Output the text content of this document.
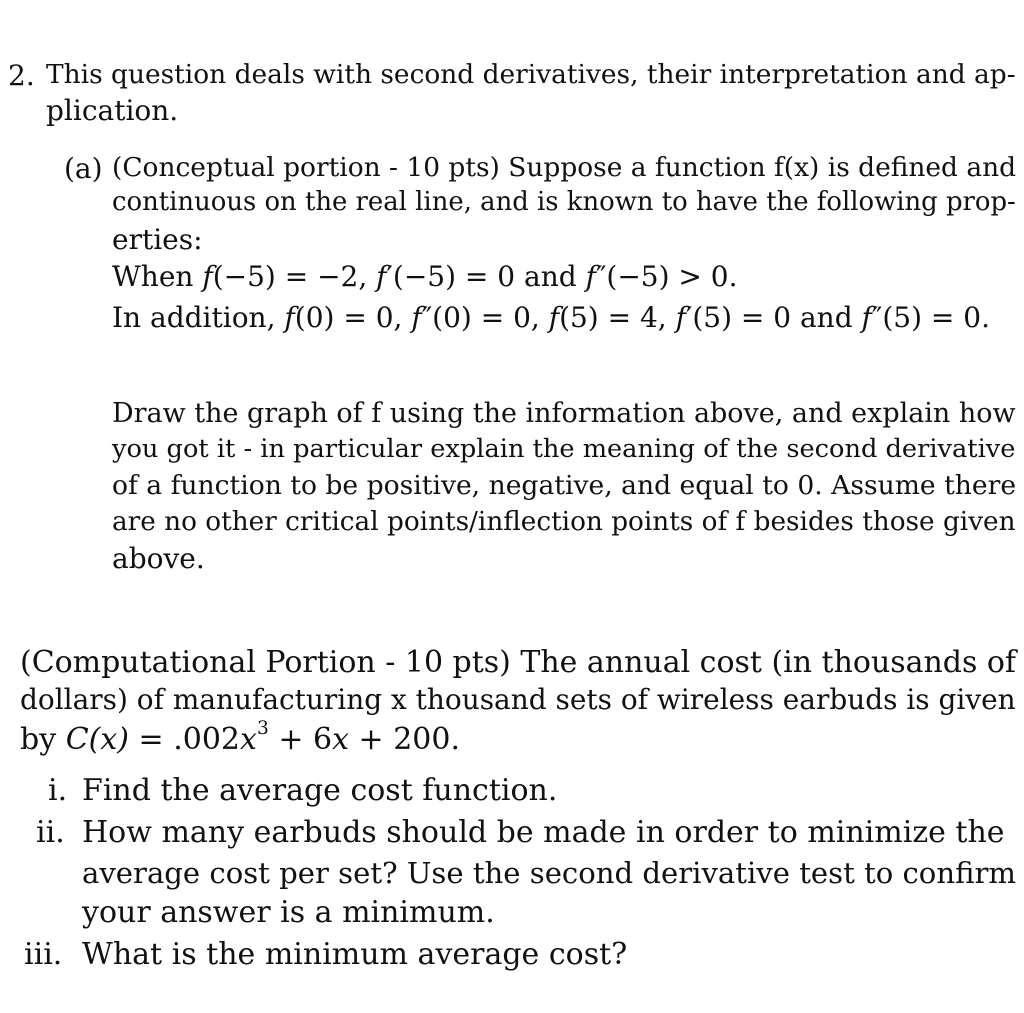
2. This question deals with second derivatives, their interpretation and ap-
plication.
(a) (Conceptual portion - 10 pts) Suppose a function f(x) is defined and
continuous on the real line, and is known to have the following prop-
erties:
When f(−5) = −2, f′(−5) = 0 and f″(−5) > 0.
In addition, f(0) = 0, f″(0) = 0, f(5) = 4, f′(5) = 0 and f″(5) = 0.
Draw the graph of f using the information above, and explain how
you got it - in particular explain the meaning of the second derivative
of a function to be positive, negative, and equal to 0. Assume there
are no other critical points/inflection points of f besides those given
above.
(Computational Portion - 10 pts) The annual cost (in thousands of
dollars) of manufacturing x thousand sets of wireless earbuds is given
by $C(x) = .002x^3 + 6x + 200$.
i. Find the average cost function.
ii. How many earbuds should be made in order to minimize the
average cost per set? Use the second derivative test to confirm
your answer is a minimum.
iii. What is the minimum average cost?
